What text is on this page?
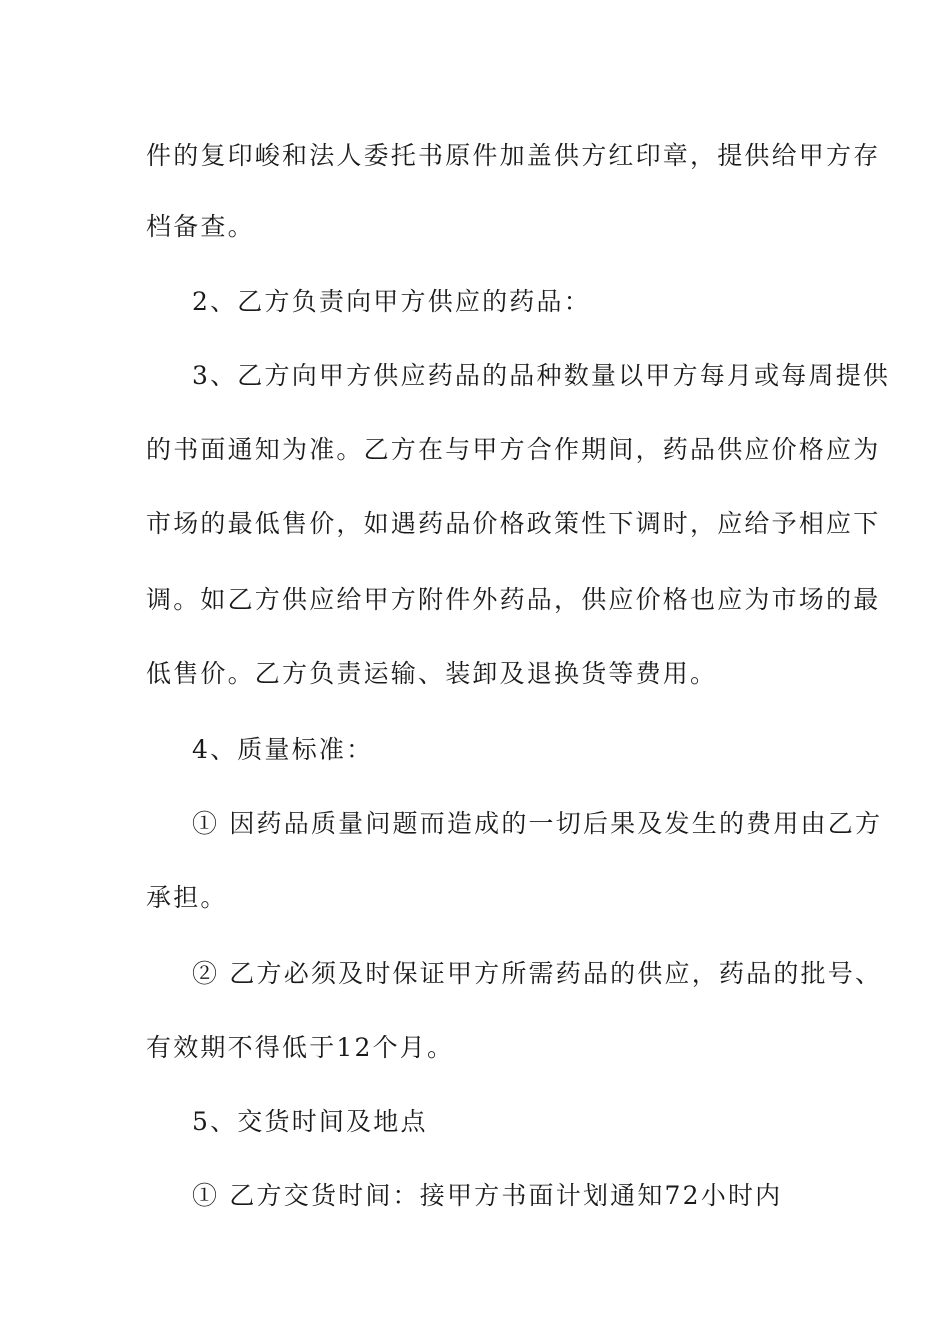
件的复印峻和法人委托书原件加盖供方红印章，提供给甲方存
档备查。
2、乙方负责向甲方供应的药品：
3、乙方向甲方供应药品的品种数量以甲方每月或每周提供
的书面通知为准。乙方在与甲方合作期间，药品供应价格应为
市场的最低售价，如遇药品价格政策性下调时，应给予相应下
调。如乙方供应给甲方附件外药品，供应价格也应为市场的最
低售价。乙方负责运输、装卸及退换货等费用。
4、质量标准：
① 因药品质量问题而造成的一切后果及发生的费用由乙方
承担。
② 乙方必须及时保证甲方所需药品的供应，药品的批号、
有效期不得低于12个月。
5、交货时间及地点
① 乙方交货时间：接甲方书面计划通知72小时内
